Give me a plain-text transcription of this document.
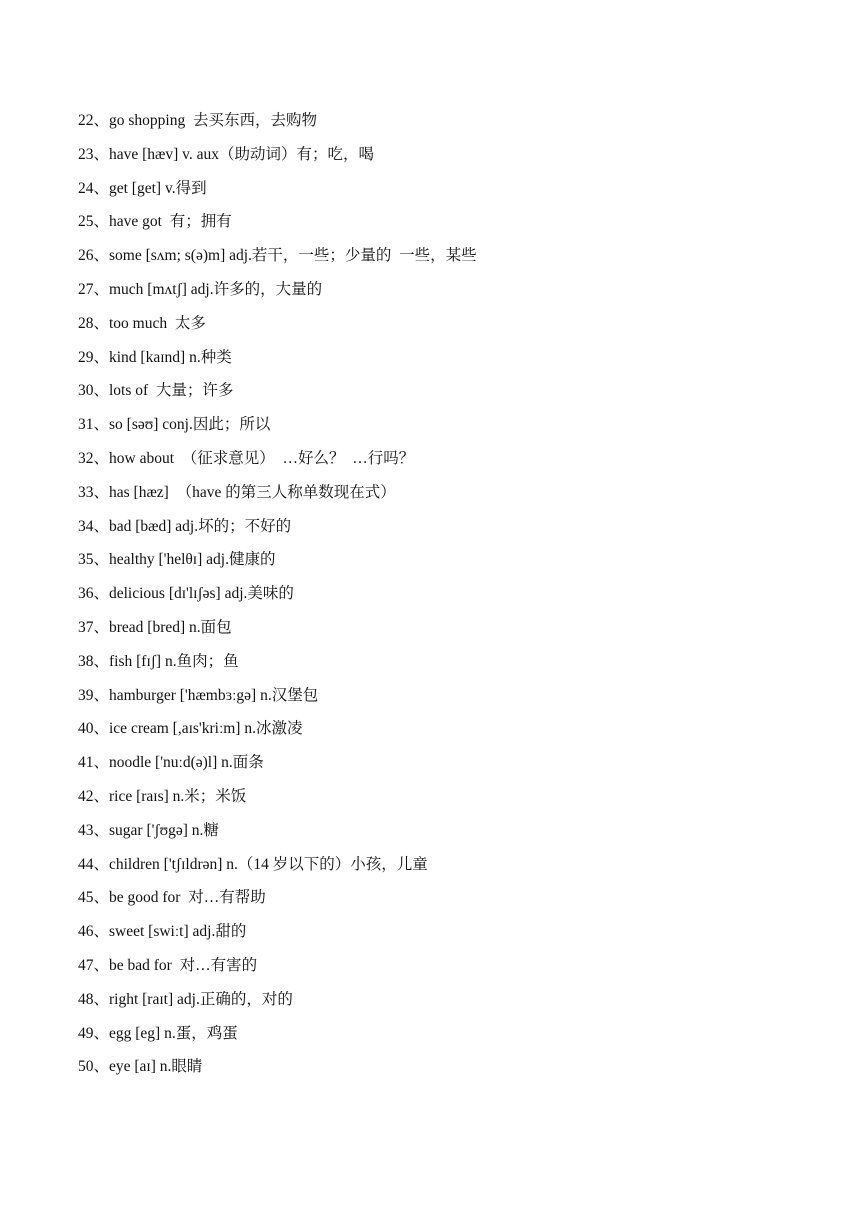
22、go shopping  去买东西，去购物
23、have [hæv] v. aux（助动词）有；吃，喝
24、get [get] v.得到
25、have got  有；拥有
26、some [sʌm; s(ə)m] adj.若干，一些；少量的  一些，某些
27、much [mʌtʃ] adj.许多的，大量的
28、too much  太多
29、kind [kaɪnd] n.种类
30、lots of  大量；许多
31、so [səʊ] conj.因此；所以
32、how about  （征求意见）  …好么？  …行吗？
33、has [hæz]  （have 的第三人称单数现在式）
34、bad [bæd] adj.坏的；不好的
35、healthy ['helθɪ] adj.健康的
36、delicious [dɪ'lɪʃəs] adj.美味的
37、bread [bred] n.面包
38、fish [fɪʃ] n.鱼肉；鱼
39、hamburger ['hæmbɜːgə] n.汉堡包
40、ice cream [,aɪs'kriːm] n.冰激凌
41、noodle ['nuːd(ə)l] n.面条
42、rice [raɪs] n.米；米饭
43、sugar ['ʃʊgə] n.糖
44、children ['tʃɪldrən] n.（14 岁以下的）小孩，儿童
45、be good for  对…有帮助
46、sweet [swiːt] adj.甜的
47、be bad for  对…有害的
48、right [raɪt] adj.正确的，对的
49、egg [eg] n.蛋，鸡蛋
50、eye [aɪ] n.眼睛
